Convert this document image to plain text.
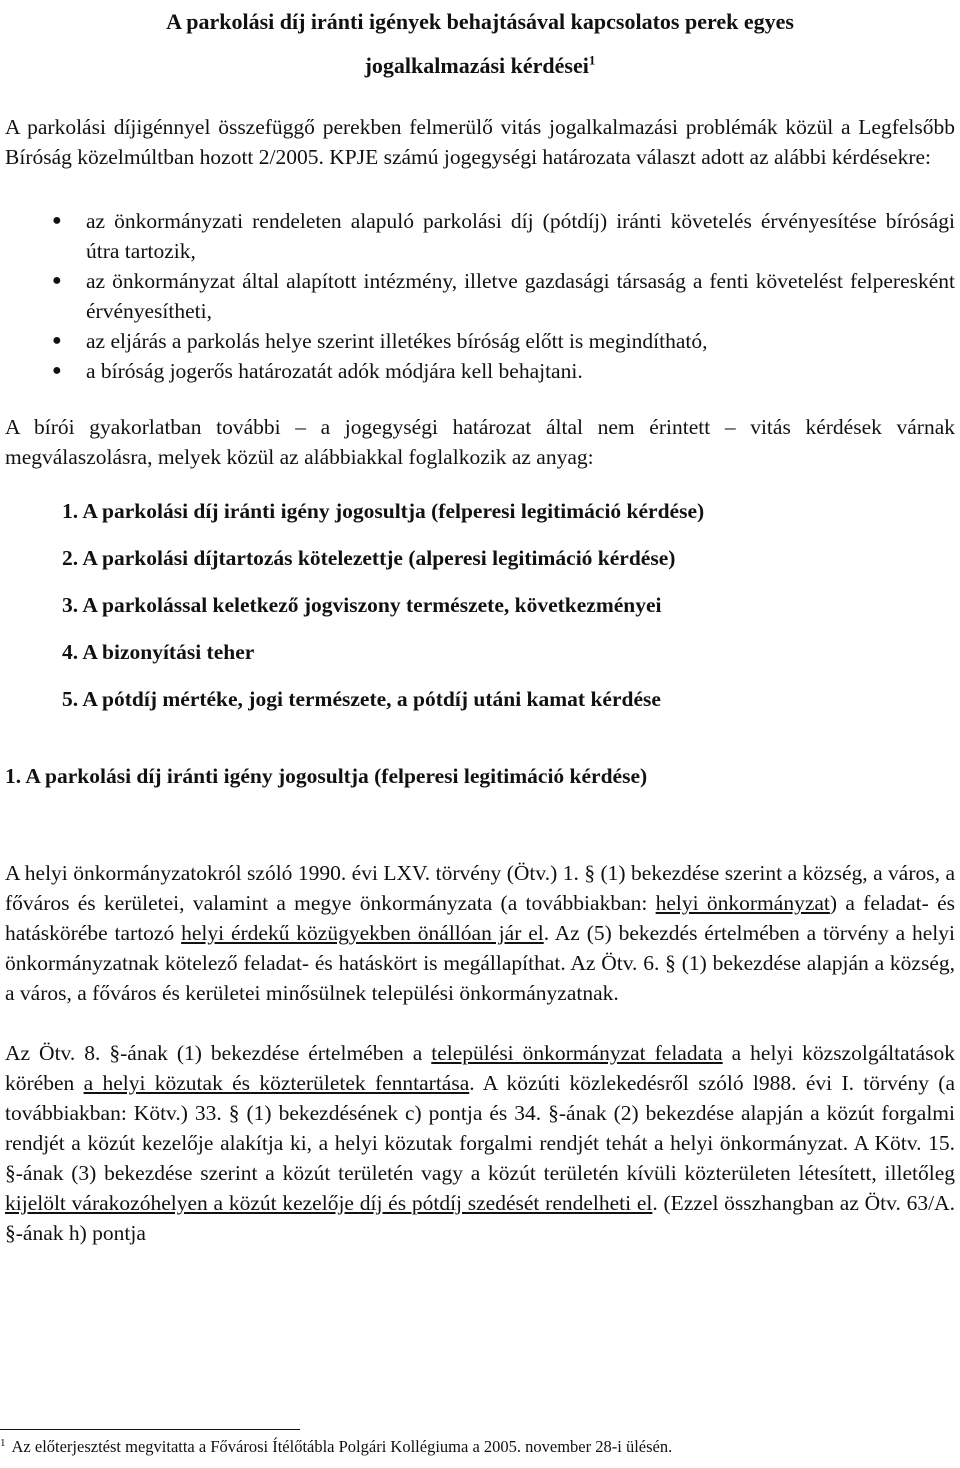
A parkolási díj iránti igények behajtásával kapcsolatos perek egyes
jogalkalmazási kérdései$^1$

A parkolási díjigénnyel összefüggő perekben felmerülő vitás jogalkalmazási problémák közül a Legfelsőbb Bíróság közelmúltban hozott 2/2005. KPJE számú jogegységi határozata választ adott az alábbi kérdésekre:

● az önkormányzati rendeleten alapuló parkolási díj (pótdíj) iránti követelés érvényesítése bírósági útra tartozik,
● az önkormányzat által alapított intézmény, illetve gazdasági társaság a fenti követelést felperesként érvényesítheti,
● az eljárás a parkolás helye szerint illetékes bíróság előtt is megindítható,
● a bíróság jogerős határozatát adók módjára kell behajtani.

A bírói gyakorlatban további – a jogegységi határozat által nem érintett – vitás kérdések várnak megválaszolásra, melyek közül az alábbiakkal foglalkozik az anyag:

1. A parkolási díj iránti igény jogosultja (felperesi legitimáció kérdése)
2. A parkolási díjtartozás kötelezettje (alperesi legitimáció kérdése)
3. A parkolással keletkező jogviszony természete, következményei
4. A bizonyítási teher
5. A pótdíj mértéke, jogi természete, a pótdíj utáni kamat kérdése
1. A parkolási díj iránti igény jogosultja (felperesi legitimáció kérdése)

A helyi önkormányzatokról szóló 1990. évi LXV. törvény (Ötv.) 1. § (1) bekezdése szerint a község, a város, a főváros és kerületei, valamint a megye önkormányzata (a továbbiakban: helyi önkormányzat) a feladat- és hatáskörébe tartozó helyi érdekű közügyekben önállóan jár el. Az (5) bekezdés értelmében a törvény a helyi önkormányzatnak kötelező feladat- és hatáskört is megállapíthat. Az Ötv. 6. § (1) bekezdése alapján a község, a város, a főváros és kerületei minősülnek települési önkormányzatnak.

Az Ötv. 8. §-ának (1) bekezdése értelmében a települési önkormányzat feladata a helyi közszolgáltatások körében a helyi közutak és közterületek fenntartása. A közúti közlekedésről szóló l988. évi I. törvény (a továbbiakban: Kötv.) 33. § (1) bekezdésének c) pontja és 34. §-ának (2) bekezdése alapján a közút forgalmi rendjét a közút kezelője alakítja ki, a helyi közutak forgalmi rendjét tehát a helyi önkormányzat. A Kötv. 15. §-ának (3) bekezdése szerint a közút területén vagy a közút területén kívüli közterületen létesített, illetőleg kijelölt várakozóhelyen a közút kezelője díj és pótdíj szedését rendelheti el. (Ezzel összhangban az Ötv. 63/A. §-ának h) pontja

$^1$ Az előterjesztést megvitatta a Fővárosi Ítélőtábla Polgári Kollégiuma a 2005. november 28-i ülésén.
